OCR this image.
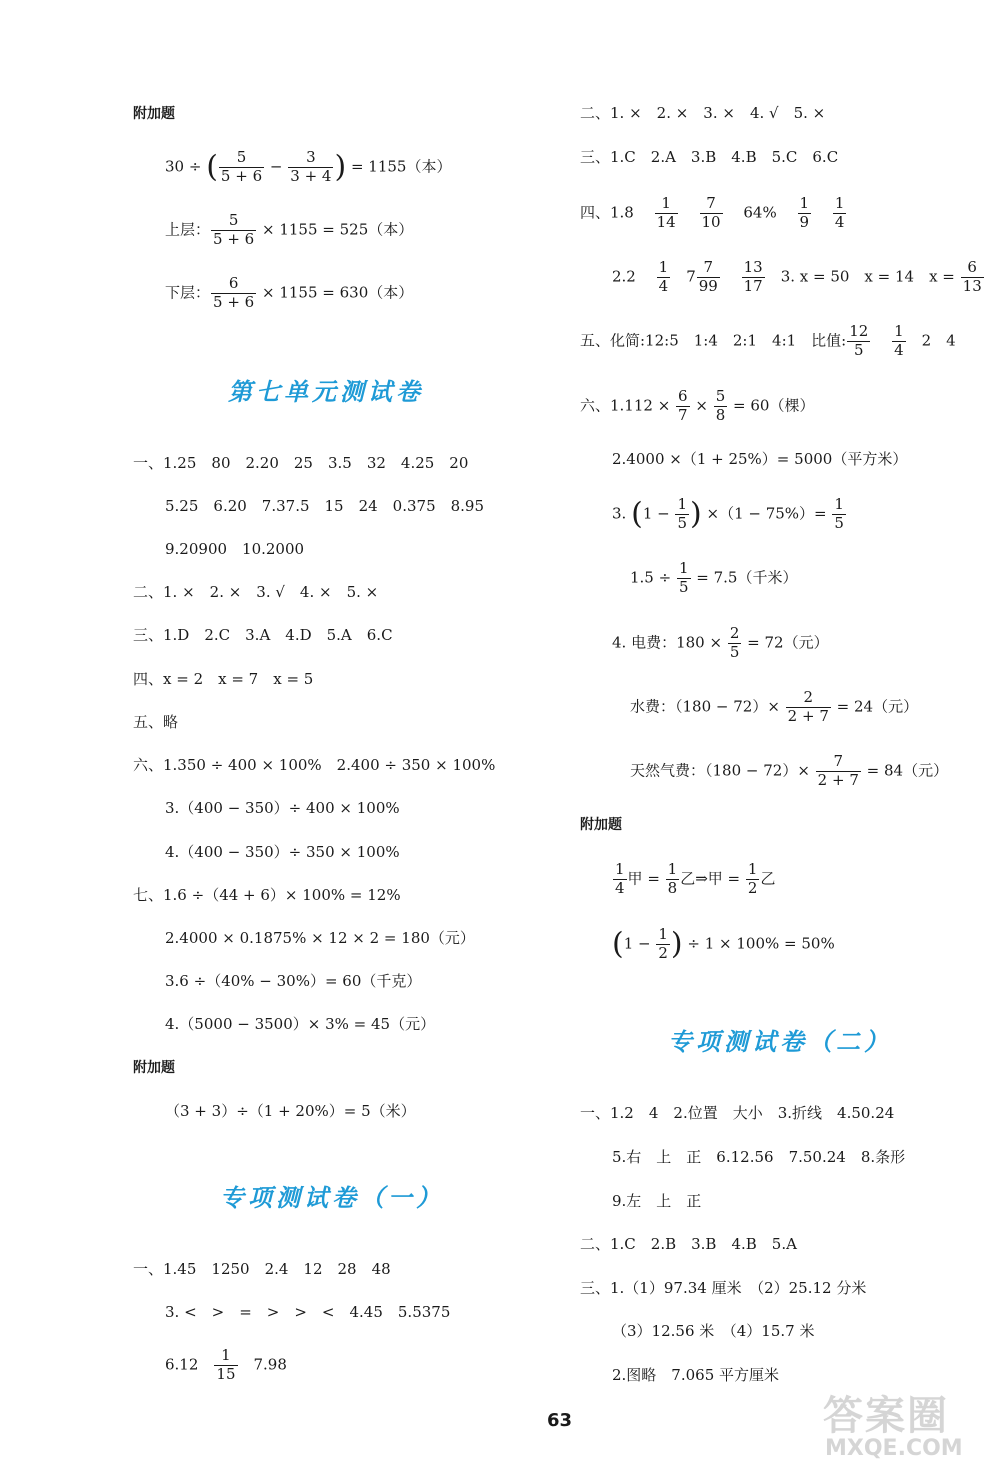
附加题
30 ÷ ( $\frac{5}{5 + 6} - \frac{3}{3 + 4}$ ) = 1155（本）
上层： $\frac{5}{5 + 6} \times 1155 = 525$（本）
下层： $\frac{6}{5 + 6} \times 1155 = 630$（本）
第七单元测试卷
一、1.25　80　2.20　25　3.5　32　4.25　20
5.25　6.20　7.37.5　15　24　0.375　8.95
9.20900　10.2000
二、1. ×　2. ×　3. √　4. ×　5. ×
三、1.D　2.C　3.A　4.D　5.A　6.C
四、x = 2　x = 7　x = 5
五、略
六、1.350 ÷ 400 × 100%　2.400 ÷ 350 × 100%
3.（400 − 350）÷ 400 × 100%
4.（400 − 350）÷ 350 × 100%
七、1.6 ÷（44 + 6）× 100% = 12%
2.4000 × 0.1875% × 12 × 2 = 180（元）
3.6 ÷（40% − 30%）= 60（千克）
4.（5000 − 3500）× 3% = 45（元）
附加题
（3 + 3）÷（1 + 20%）= 5（米）
专项测试卷（一）
一、1.45　1250　2.4　12　28　48
3. <　>　=　>　>　<　4.45　5.5375
6.12　 $\frac{1}{15}$ 　7.98
二、1. ×　2. ×　3. ×　4. √　5. ×
三、1.C　2.A　3.B　4.B　5.C　6.C
四、1.8　 $\frac{1}{14}$
　 $\frac{7}{10}$ 　64%　 $\frac{1}{9}$
　 $\frac{1}{4}$
2.2　 $\frac{1}{4}$ 　$7 \frac{7}{99}$
　 $\frac{13}{17}$ 　3. x = 50　x = 14　$x = \frac{6}{13}$
五、化简:12:5　1:4　2:1　4:1　比值: $\frac{12}{5}$
　 $\frac{1}{4}$ 　2　4
六、$1.112 \times \frac{6}{7} \times \frac{5}{8} = 60$（棵）
2.4000 ×（1 + 25%）= 5000（平方米）
3. ($1 - \frac{1}{5}$ ) $\times(1 - 75\%)= \frac{1}{5}$
$1.5 \div \frac{1}{5} = 7.5$（千米）
4. 电费：$180 \times \frac{2}{5} = 72$（元）
水费：$(180 - 72)\times \frac{2}{2 + 7} = 24$（元）
天然气费：$(180 - 72)\times \frac{7}{2 + 7} = 84$（元）
附加题
$\frac{1}{4}$ 甲 = $\frac{1}{8}$ 乙⇒甲 = $\frac{1}{2}$ 乙
($1 - \frac{1}{2}$ ) ÷ 1 × 100% = 50%
专项测试卷（二）
一、1.2　4　2.位置　大小　3.折线　4.50.24
5.右　上　正　6.12.56　7.50.24　8.条形
9.左　上　正
二、1.C　2.B　3.B　4.B　5.A
三、1.（1）97.34 厘米　（2）25.12 分米
（3）12.56 米　（4）15.7 米
2.图略　7.065 平方厘米
63	答案圈
MXQE.COM
